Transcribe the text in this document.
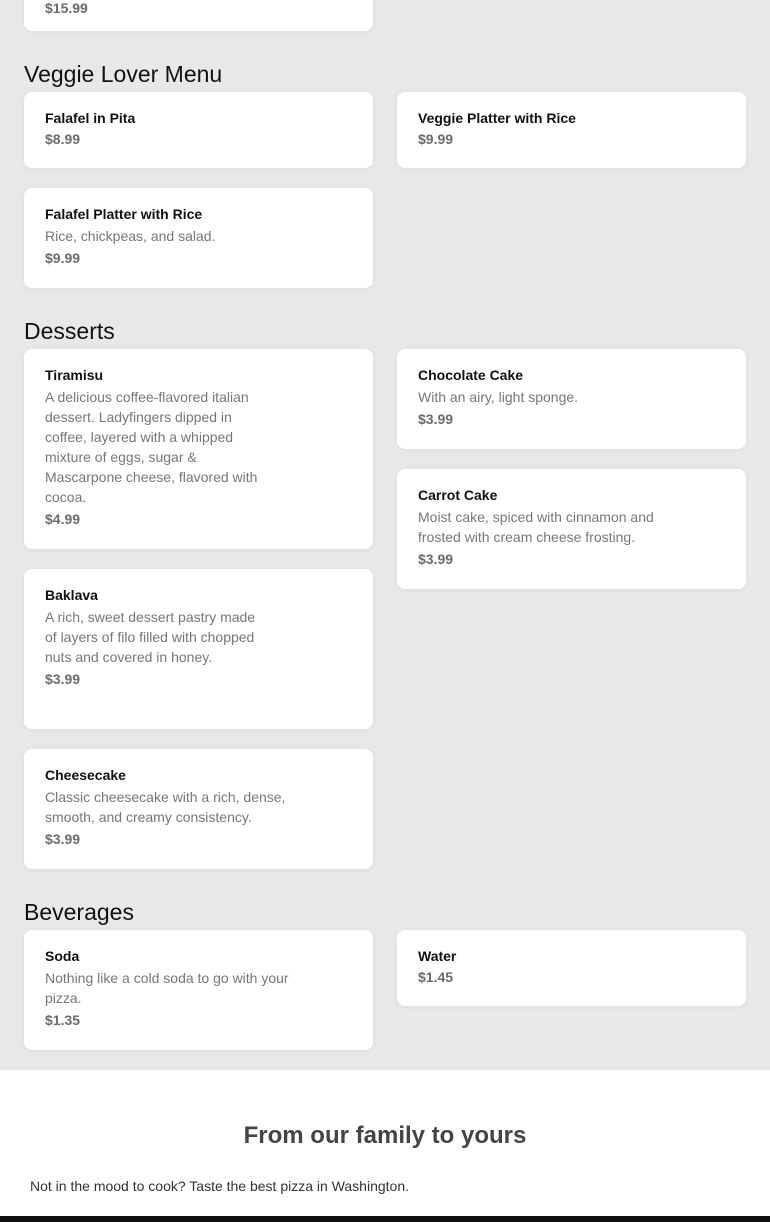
$15.99
Veggie Lover Menu
Falafel in Pita
$8.99
Veggie Platter with Rice
$9.99
Falafel Platter with Rice
Rice, chickpeas, and salad.
$9.99
Desserts
Tiramisu
A delicious coffee-flavored italian dessert. Ladyfingers dipped in coffee, layered with a whipped mixture of eggs, sugar & Mascarpone cheese, flavored with cocoa.
$4.99
Chocolate Cake
With an airy, light sponge.
$3.99
Carrot Cake
Moist cake, spiced with cinnamon and frosted with cream cheese frosting.
$3.99
Baklava
A rich, sweet dessert pastry made of layers of filo filled with chopped nuts and covered in honey.
$3.99
Cheesecake
Classic cheesecake with a rich, dense, smooth, and creamy consistency.
$3.99
Beverages
Soda
Nothing like a cold soda to go with your pizza.
$1.35
Water
$1.45
From our family to yours
Not in the mood to cook? Taste the best pizza in Washington.
